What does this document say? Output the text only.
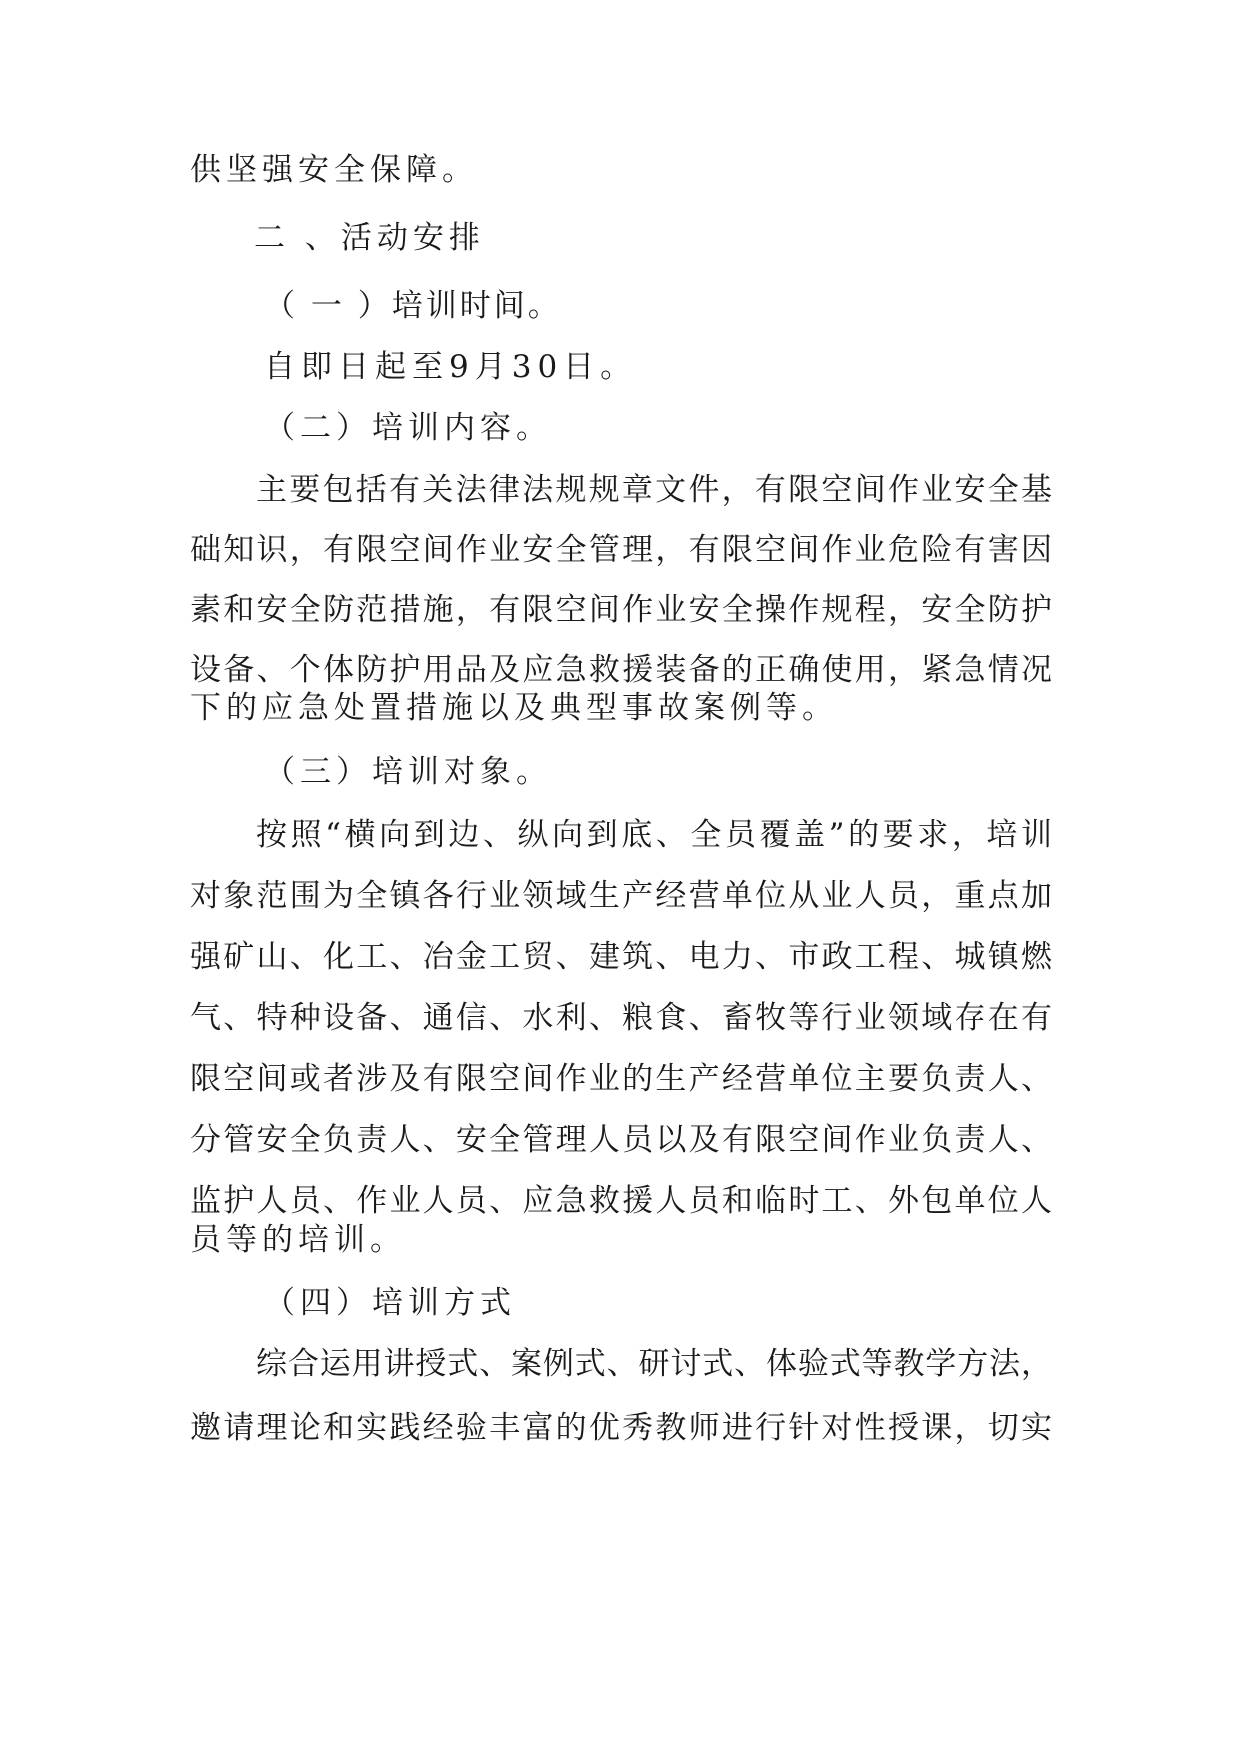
供坚强安全保障。
二 、活动安排
（ 一 ）培训时间。
自即日起至9月30日。
（二）培训内容。
主要包括有关法律法规规章文件，有限空间作业安全基
础知识，有限空间作业安全管理，有限空间作业危险有害因
素和安全防范措施，有限空间作业安全操作规程，安全防护
设备、个体防护用品及应急救援装备的正确使用，紧急情况
下的应急处置措施以及典型事故案例等。
（三）培训对象。
按照“横向到边、纵向到底、全员覆盖”的要求，培训
对象范围为全镇各行业领域生产经营单位从业人员，重点加
强矿山、化工、冶金工贸、建筑、电力、市政工程、城镇燃
气、特种设备、通信、水利、粮食、畜牧等行业领域存在有
限空间或者涉及有限空间作业的生产经营单位主要负责人、
分管安全负责人、安全管理人员以及有限空间作业负责人、
监护人员、作业人员、应急救援人员和临时工、外包单位人
员等的培训。
（四）培训方式
综合运用讲授式、案例式、研讨式、体验式等教学方法，
邀请理论和实践经验丰富的优秀教师进行针对性授课，切实
